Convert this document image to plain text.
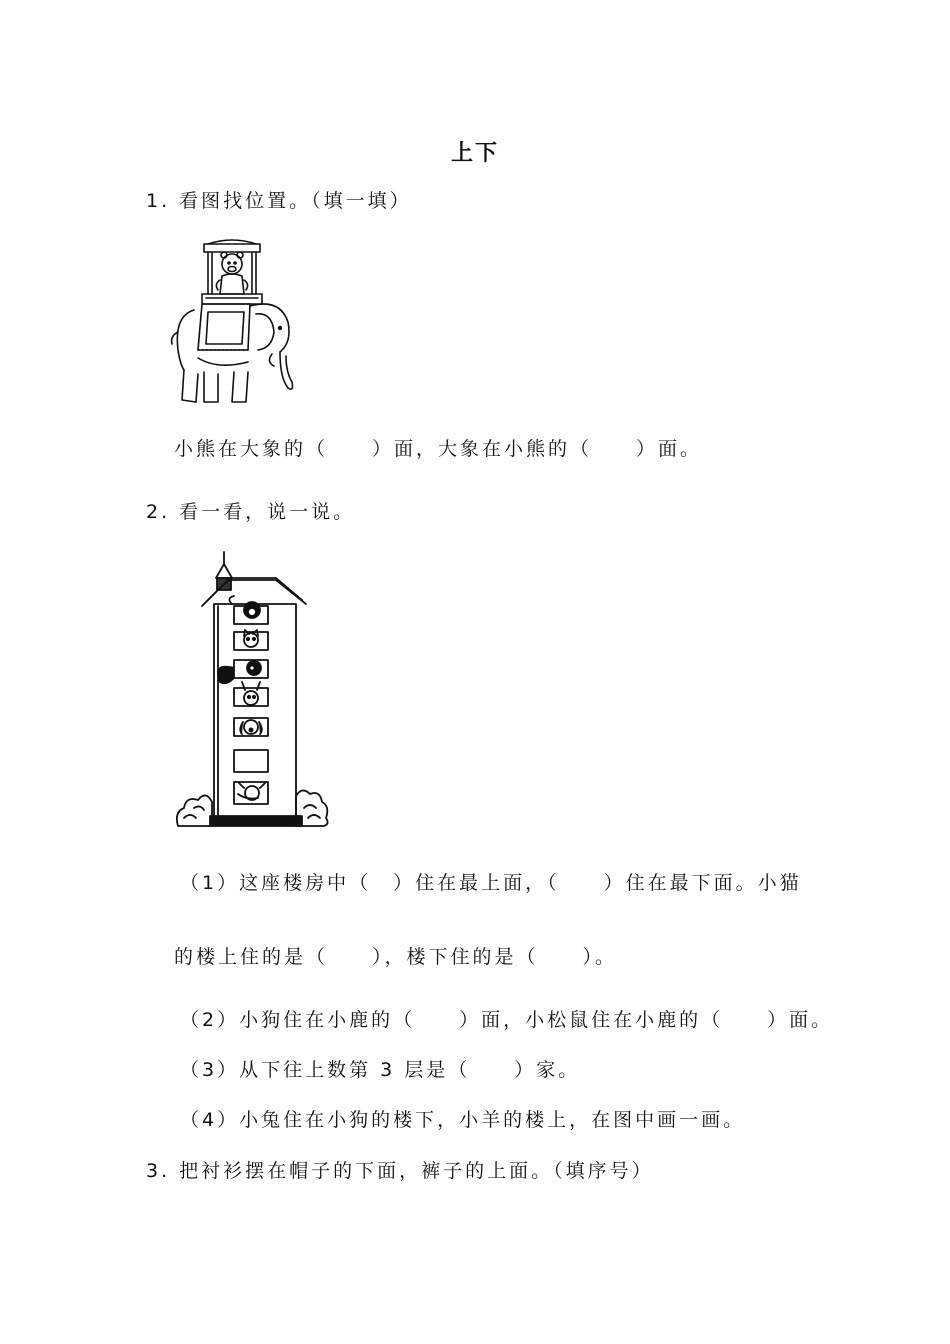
上下
1. 看图找位置。（填一填）
小熊在大象的（　　）面，大象在小熊的（　　）面。
2. 看一看，说一说。
（1）这座楼房中（　）住在最上面，（　　）住在最下面。小猫
的楼上住的是（　　），楼下住的是（　　）。
（2）小狗住在小鹿的（　　）面，小松鼠住在小鹿的（　　）面。
（3）从下往上数第 3 层是（　　）家。
（4）小兔住在小狗的楼下，小羊的楼上，在图中画一画。
3. 把衬衫摆在帽子的下面，裤子的上面。（填序号）
